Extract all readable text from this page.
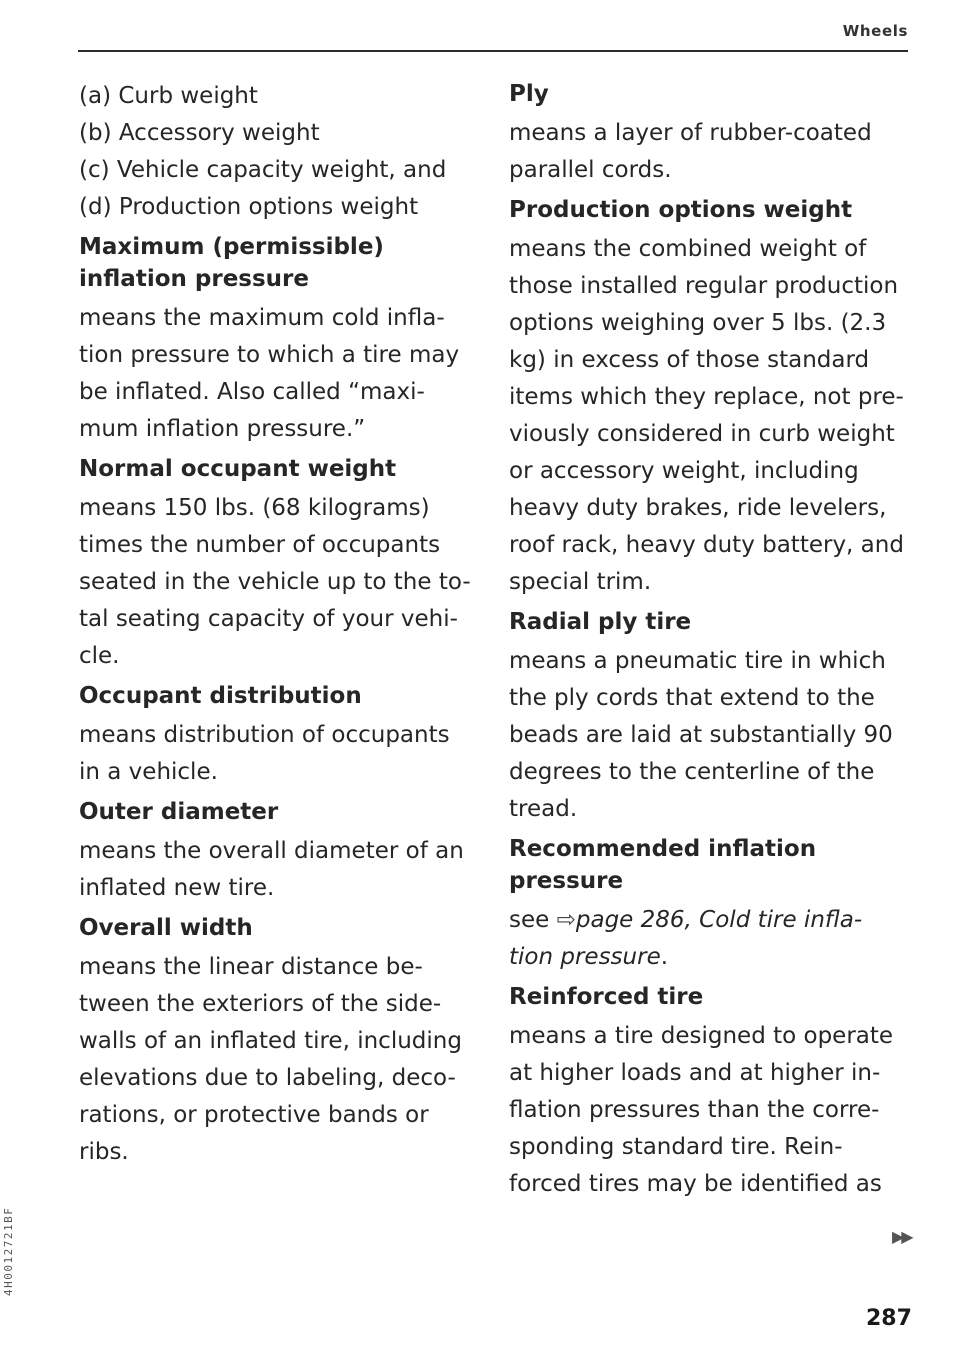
Wheels
(a) Curb weight
(b) Accessory weight
(c) Vehicle capacity weight, and
(d) Production options weight
Maximum (permissible)
inflation pressure
means the maximum cold infla-
tion pressure to which a tire may
be inflated. Also called “maxi-
mum inflation pressure.”
Normal occupant weight
means 150 lbs. (68 kilograms)
times the number of occupants
seated in the vehicle up to the to-
tal seating capacity of your vehi-
cle.
Occupant distribution
means distribution of occupants
in a vehicle.
Outer diameter
means the overall diameter of an
inflated new tire.
Overall width
means the linear distance be-
tween the exteriors of the side-
walls of an inflated tire, including
elevations due to labeling, deco-
rations, or protective bands or
ribs.
Ply
means a layer of rubber-coated
parallel cords.
Production options weight
means the combined weight of
those installed regular production
options weighing over 5 lbs. (2.3
kg) in excess of those standard
items which they replace, not pre-
viously considered in curb weight
or accessory weight, including
heavy duty brakes, ride levelers,
roof rack, heavy duty battery, and
special trim.
Radial ply tire
means a pneumatic tire in which
the ply cords that extend to the
beads are laid at substantially 90
degrees to the centerline of the
tread.
Recommended inflation
pressure
see ⇨page 286, Cold tire infla-
tion pressure.
Reinforced tire
means a tire designed to operate
at higher loads and at higher in-
flation pressures than the corre-
sponding standard tire. Rein-
forced tires may be identified as
▶▶
287
4H0012721BF
